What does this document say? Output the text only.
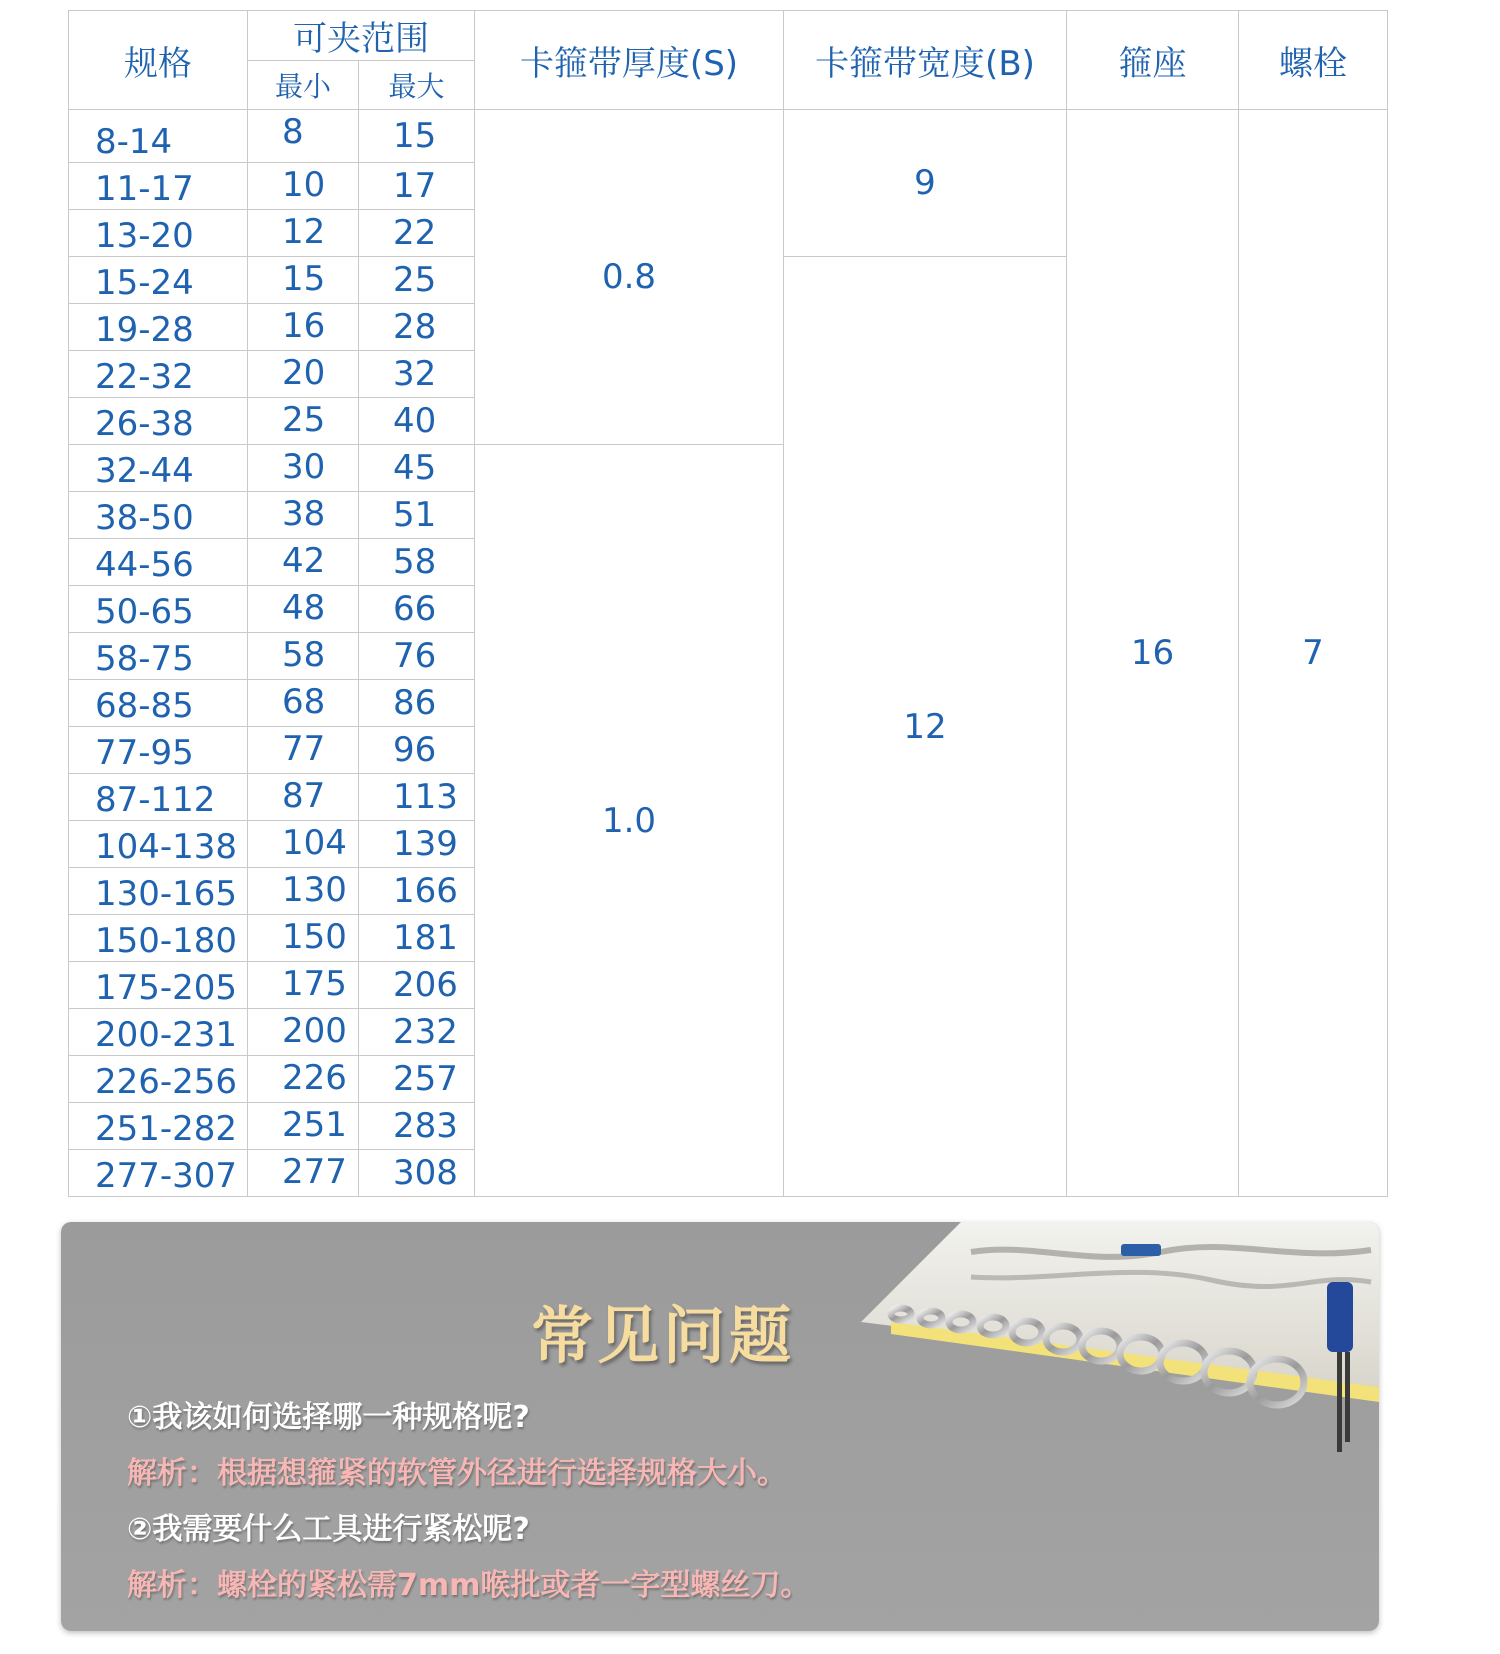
规格	可夹范围		卡箍带厚度(S)	卡箍带宽度(B)	箍座	螺栓
	最小	最大				
8-14	8	15	0.8	9	16	7
11-17	10	17				
13-20	12	22				
15-24	15	25		12		
19-28	16	28				
22-32	20	32				
26-38	25	40				
32-44	30	45	1.0			
38-50	38	51				
44-56	42	58				
50-65	48	66				
58-75	58	76				
68-85	68	86				
77-95	77	96				
87-112	87	113				
104-138	104	139				
130-165	130	166				
150-180	150	181				
175-205	175	206				
200-231	200	232				
226-256	226	257				
251-282	251	283				
277-307	277	308				
常见问题
①我该如何选择哪一种规格呢?
解析：根据想箍紧的软管外径进行选择规格大小。
②我需要什么工具进行紧松呢?
解析：螺栓的紧松需7mm喉批或者一字型螺丝刀。
